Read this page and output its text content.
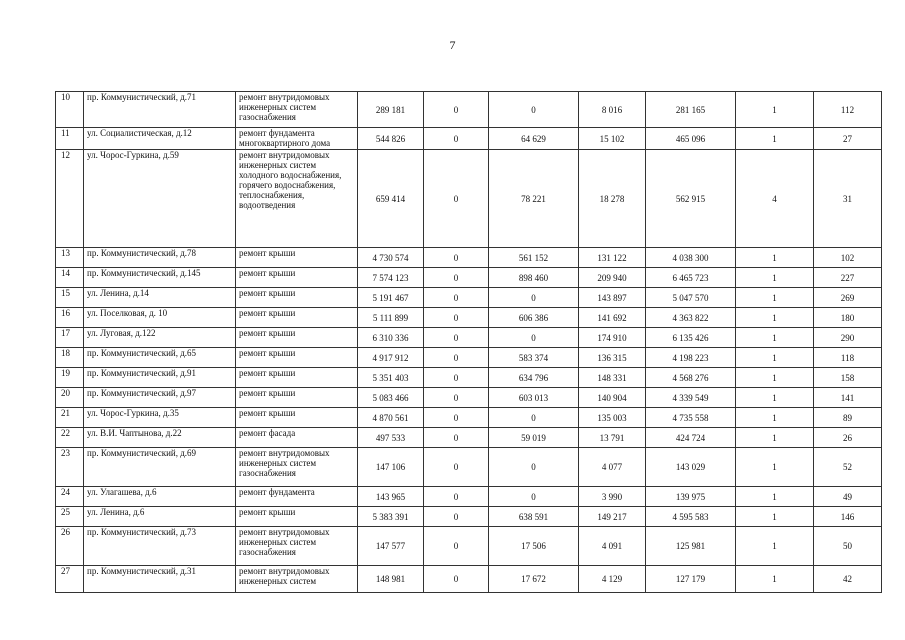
7
10	пр. Коммунистический, д.71	ремонт внутридомовых инженерных систем газоснабжения	289 181	0	0	8 016	281 165	1	112
11	ул. Социалистическая, д.12	ремонт фундамента многоквартирного дома	544 826	0	64 629	15 102	465 096	1	27
12	ул. Чорос-Гуркина, д.59	ремонт внутридомовых инженерных систем холодного водоснабжения, горячего водоснабжения, теплоснабжения, водоотведения	659 414	0	78 221	18 278	562 915	4	31
13	пр. Коммунистический, д.78	ремонт крыши	4 730 574	0	561 152	131 122	4 038 300	1	102
14	пр. Коммунистический, д.145	ремонт крыши	7 574 123	0	898 460	209 940	6 465 723	1	227
15	ул. Ленина, д.14	ремонт крыши	5 191 467	0	0	143 897	5 047 570	1	269
16	ул. Поселковая, д. 10	ремонт крыши	5 111 899	0	606 386	141 692	4 363 822	1	180
17	ул. Луговая, д.122	ремонт крыши	6 310 336	0	0	174 910	6 135 426	1	290
18	пр. Коммунистический, д.65	ремонт крыши	4 917 912	0	583 374	136 315	4 198 223	1	118
19	пр. Коммунистический, д.91	ремонт крыши	5 351 403	0	634 796	148 331	4 568 276	1	158
20	пр. Коммунистический, д.97	ремонт крыши	5 083 466	0	603 013	140 904	4 339 549	1	141
21	ул. Чорос-Гуркина, д.35	ремонт крыши	4 870 561	0	0	135 003	4 735 558	1	89
22	ул. В.И. Чаптынова, д.22	ремонт фасада	497 533	0	59 019	13 791	424 724	1	26
23	пр. Коммунистический, д.69	ремонт внутридомовых инженерных систем газоснабжения	147 106	0	0	4 077	143 029	1	52
24	ул. Улагашева, д.6	ремонт фундамента	143 965	0	0	3 990	139 975	1	49
25	ул. Ленина, д.6	ремонт крыши	5 383 391	0	638 591	149 217	4 595 583	1	146
26	пр. Коммунистический, д.73	ремонт внутридомовых инженерных систем газоснабжения	147 577	0	17 506	4 091	125 981	1	50
27	пр. Коммунистический, д.31	ремонт внутридомовых инженерных систем	148 981	0	17 672	4 129	127 179	1	42
